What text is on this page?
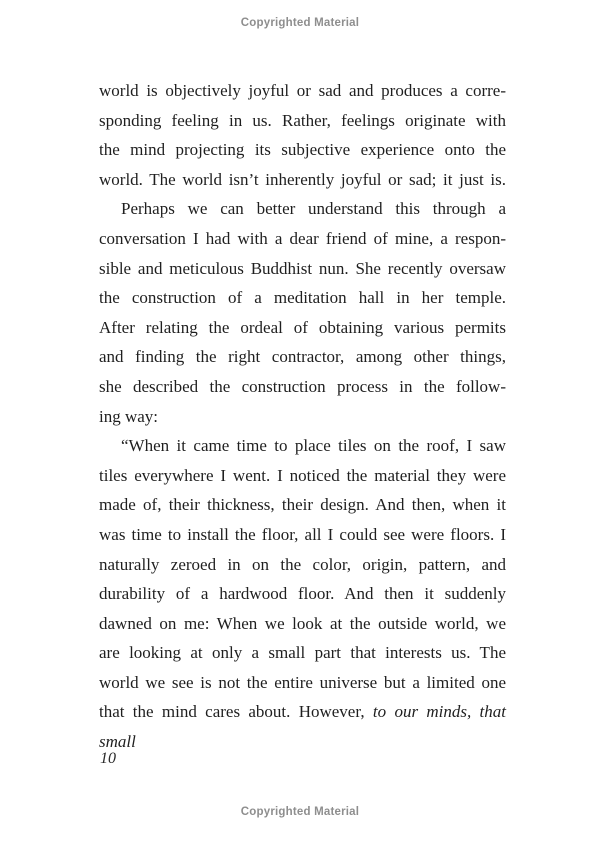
Copyrighted Material
world is objectively joyful or sad and produces a corre-
sponding feeling in us. Rather, feelings originate with
the mind projecting its subjective experience onto the
world. The world isn’t inherently joyful or sad; it just is.
Perhaps we can better understand this through a
conversation I had with a dear friend of mine, a respon-
sible and meticulous Buddhist nun. She recently oversaw
the construction of a meditation hall in her temple.
After relating the ordeal of obtaining various permits
and finding the right contractor, among other things,
she described the construction process in the follow-
ing way:
“When it came time to place tiles on the roof, I saw
tiles everywhere I went. I noticed the material they were
made of, their thickness, their design. And then, when it
was time to install the floor, all I could see were floors. I
naturally zeroed in on the color, origin, pattern, and
durability of a hardwood floor. And then it suddenly
dawned on me: When we look at the outside world, we
are looking at only a small part that interests us. The
world we see is not the entire universe but a limited one
that the mind cares about. However, to our minds, that small
10
Copyrighted Material
